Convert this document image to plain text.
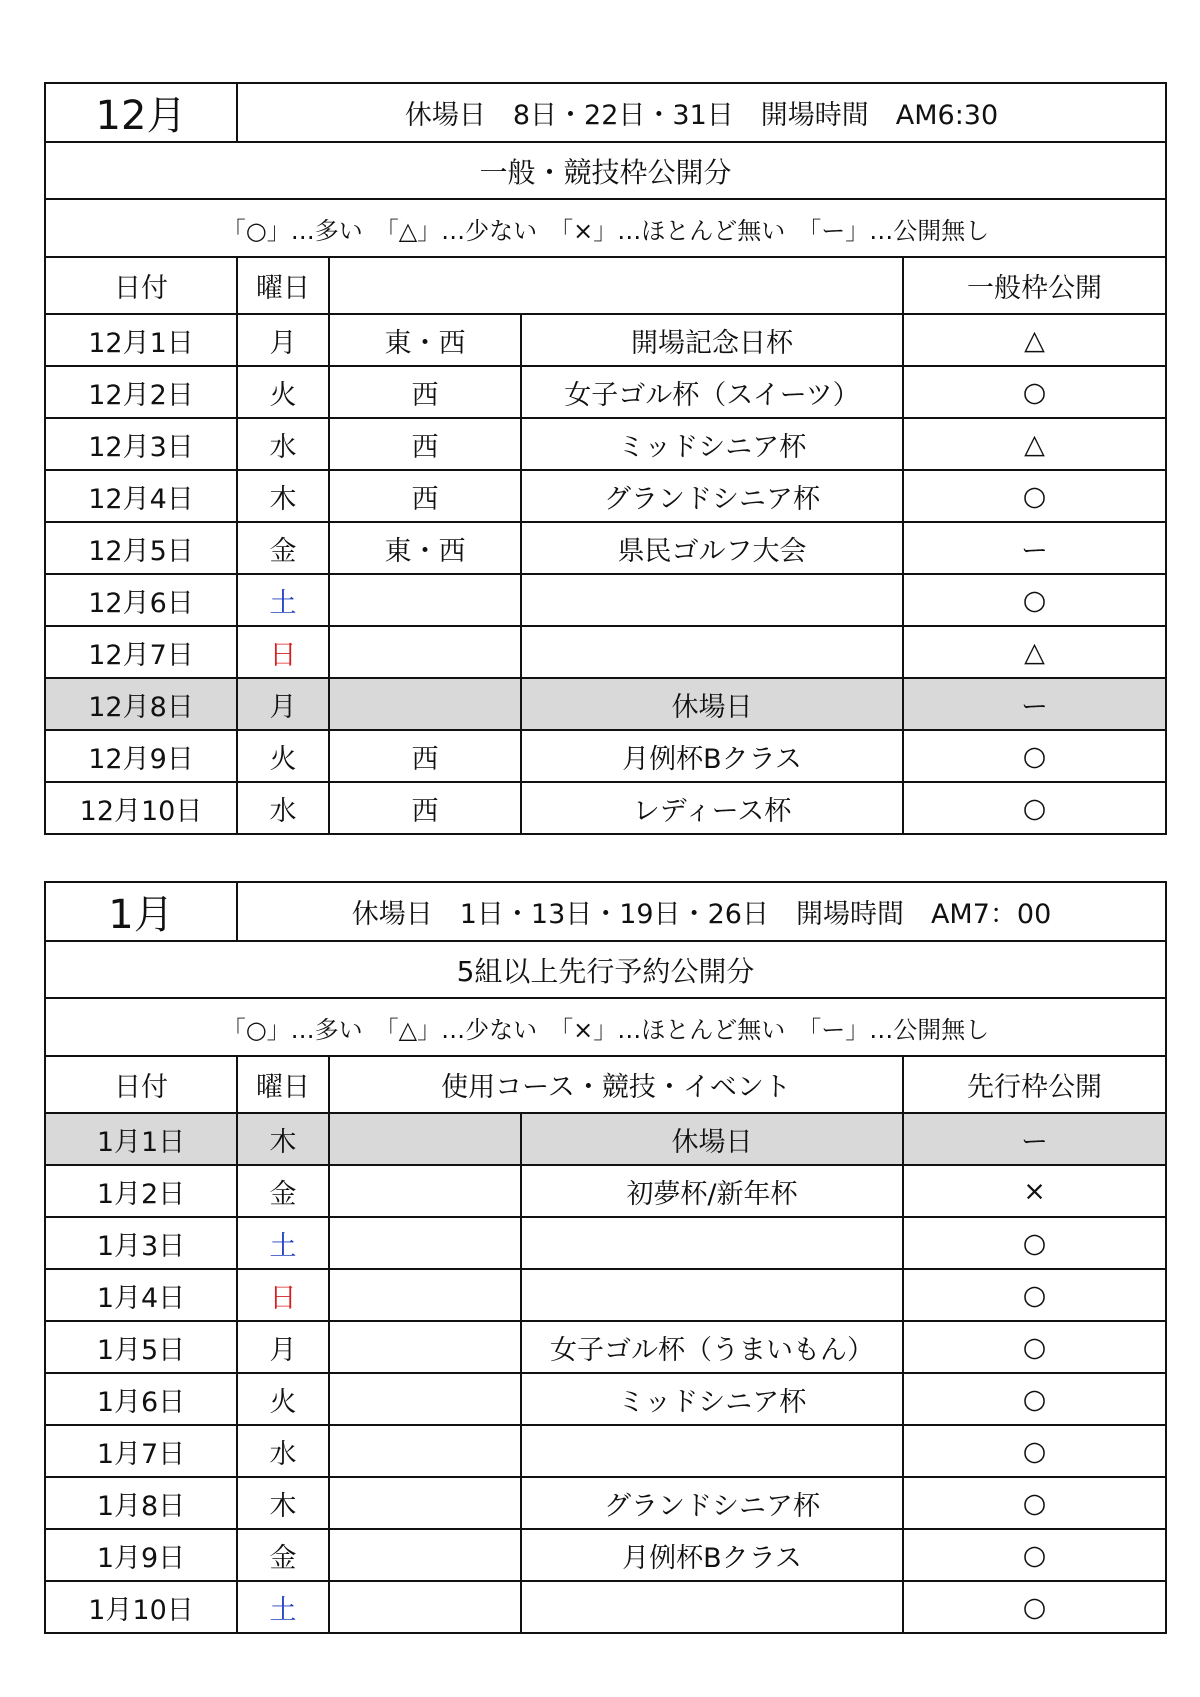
12月	休場日　8日・22日・31日　開場時間　AM6:30			
一般・競技枠公開分				
「○」…多い　「△」…少ない　「×」…ほとんど無い　「ー」…公開無し				
日付	曜日			一般枠公開
12月1日	月	東・西	開場記念日杯	△
12月2日	火	西	女子ゴル杯（スイーツ）	○
12月3日	水	西	ミッドシニア杯	△
12月4日	木	西	グランドシニア杯	○
12月5日	金	東・西	県民ゴルフ大会	ー
12月6日	土			○
12月7日	日			△
12月8日	月		休場日	ー
12月9日	火	西	月例杯Bクラス	○
12月10日	水	西	レディース杯	○
1月	休場日　1日・13日・19日・26日　開場時間　AM7：00			
5組以上先行予約公開分				
「○」…多い　「△」…少ない　「×」…ほとんど無い　「ー」…公開無し				
日付	曜日	使用コース・競技・イベント		先行枠公開
1月1日	木		休場日	ー
1月2日	金		初夢杯/新年杯	×
1月3日	土			○
1月4日	日			○
1月5日	月		女子ゴル杯（うまいもん）	○
1月6日	火		ミッドシニア杯	○
1月7日	水			○
1月8日	木		グランドシニア杯	○
1月9日	金		月例杯Bクラス	○
1月10日	土			○
